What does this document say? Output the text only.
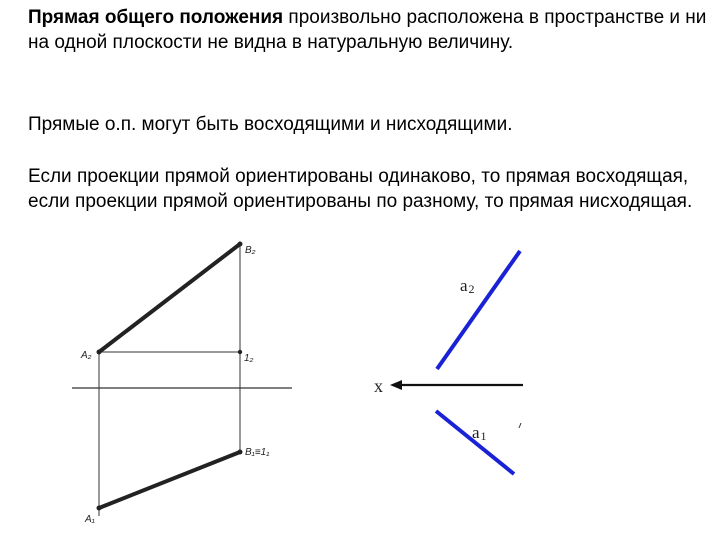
Прямая общего положения произвольно расположена в пространстве и ни на одной плоскости не видна в натуральную величину.

Прямые о.п. могут быть восходящими и нисходящими.

Если проекции прямой ориентированы одинаково, то прямая восходящая, если проекции прямой ориентированы по разному, то прямая нисходящая.

B₂
A₂	1₂
B₁≡1₁
A₁
x
a2
a1
